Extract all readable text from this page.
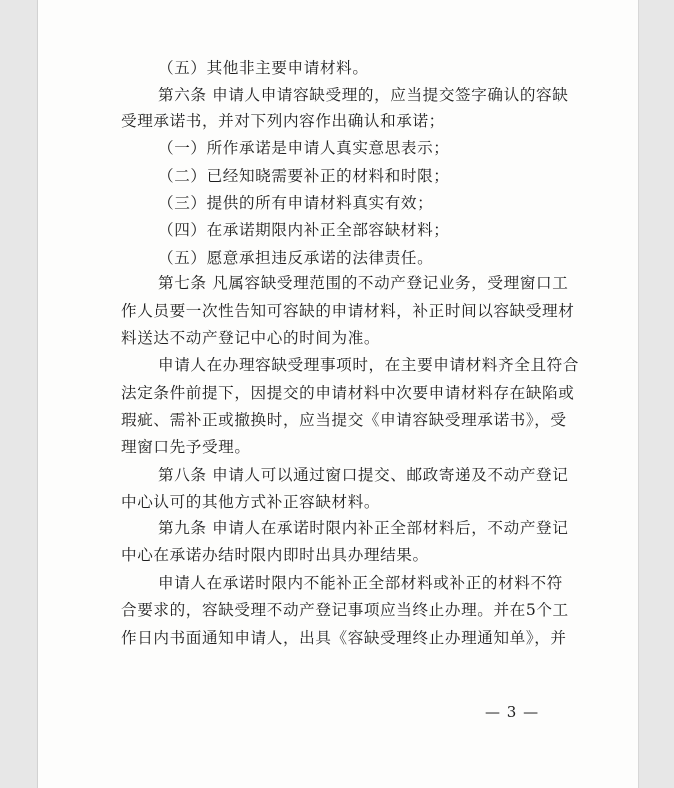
（五）其他非主要申请材料。
第六条 申请人申请容缺受理的，应当提交签字确认的容缺
受理承诺书，并对下列内容作出确认和承诺；
（一）所作承诺是申请人真实意思表示；
（二）已经知晓需要补正的材料和时限；
（三）提供的所有申请材料真实有效；
（四）在承诺期限内补正全部容缺材料；
（五）愿意承担违反承诺的法律责任。
第七条 凡属容缺受理范围的不动产登记业务，受理窗口工
作人员要一次性告知可容缺的申请材料，补正时间以容缺受理材
料送达不动产登记中心的时间为准。
申请人在办理容缺受理事项时，在主要申请材料齐全且符合
法定条件前提下，因提交的申请材料中次要申请材料存在缺陷或
瑕疵、需补正或撤换时，应当提交《申请容缺受理承诺书》，受
理窗口先予受理。
第八条 申请人可以通过窗口提交、邮政寄递及不动产登记
中心认可的其他方式补正容缺材料。
第九条 申请人在承诺时限内补正全部材料后，不动产登记
中心在承诺办结时限内即时出具办理结果。
申请人在承诺时限内不能补正全部材料或补正的材料不符
合要求的，容缺受理不动产登记事项应当终止办理。并在5个工
作日内书面通知申请人，出具《容缺受理终止办理通知单》，并
— 3 —
